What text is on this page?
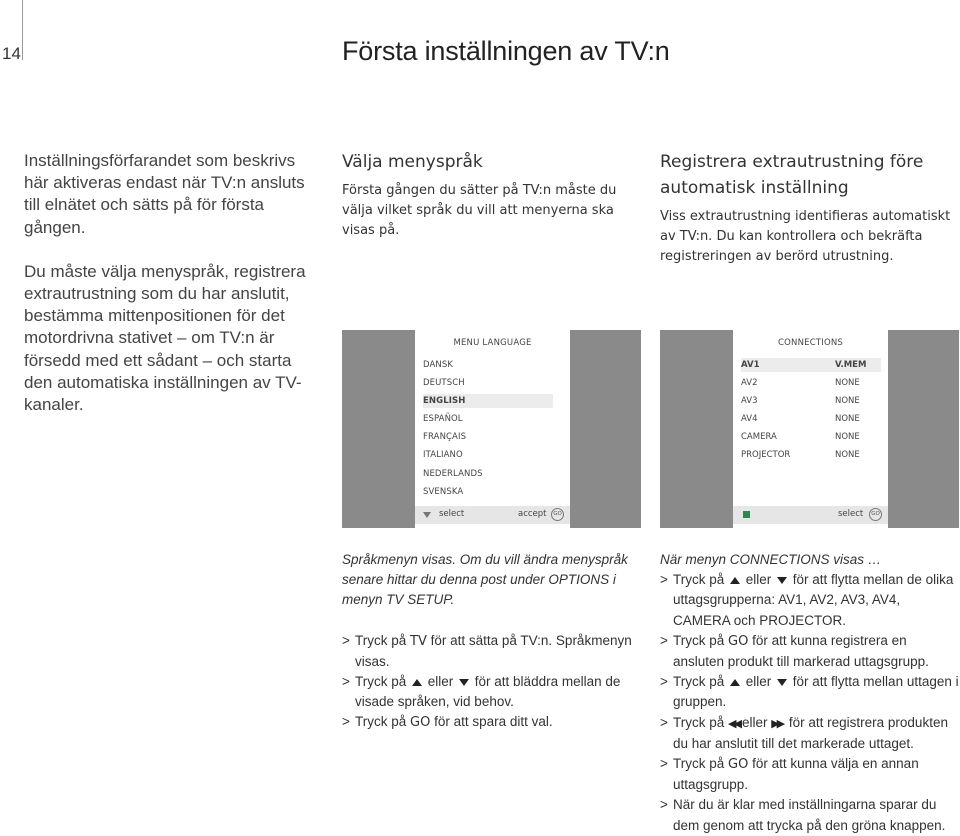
14	Första inställningen av TV:n

Inställningsförfarandet som beskrivs här aktiveras endast när TV:n ansluts till elnätet och sätts på för första gången.

Du måste välja menyspråk, registrera extrautrustning som du har anslutit, bestämma mittenpositionen för det motordrivna stativet – om TV:n är försedd med ett sådant – och starta den automatiska inställningen av TV-kanaler.

Välja menyspråk

Första gången du sätter på TV:n måste du välja vilket språk du vill att menyerna ska visas på.

Registrera extrautrustning före automatisk inställning

Viss extrautrustning identifieras automatiskt av TV:n. Du kan kontrollera och bekräfta registreringen av berörd utrustning.

MENU LANGUAGE
DANSK
DEUTSCH
ENGLISH
ESPAÑOL
FRANÇAIS
ITALIANO
NEDERLANDS
SVENSKA
select	accept	GO
CONNECTIONS
AV1	V.MEM
AV2	NONE
AV3	NONE
AV4	NONE
CAMERA	NONE
PROJECTOR	NONE
select	GO

Språkmenyn visas. Om du vill ändra menyspråk senare hittar du denna post under OPTIONS i menyn TV SETUP.

> Tryck på TV för att sätta på TV:n. Språkmenyn visas.

> Tryck på  eller  för att bläddra mellan de visade språken, vid behov.

> Tryck på GO för att spara ditt val.

När menyn CONNECTIONS visas …

> Tryck på  eller  för att flytta mellan de olika uttagsgrupperna: AV1, AV2, AV3, AV4, CAMERA och PROJECTOR.

> Tryck på GO för att kunna registrera en ansluten produkt till markerad uttagsgrupp.

> Tryck på  eller  för att flytta mellan uttagen i gruppen.

> Tryck på ◀◀ eller ▶▶ för att registrera produkten du har anslutit till det markerade uttaget.

> Tryck på GO för att kunna välja en annan uttagsgrupp.

> När du är klar med inställningarna sparar du dem genom att trycka på den gröna knappen.
